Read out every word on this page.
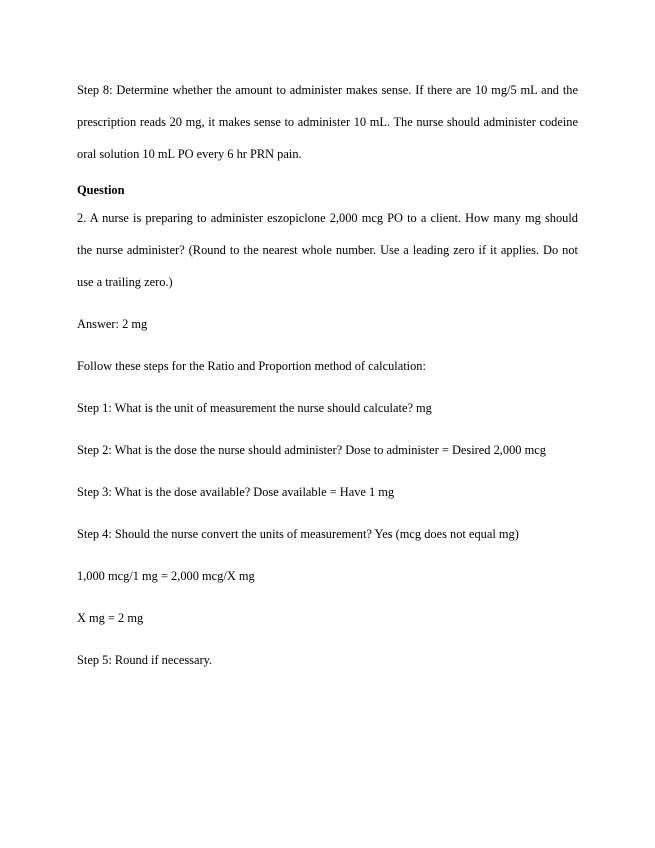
Step 8: Determine whether the amount to administer makes sense. If there are 10 mg/5 mL and the prescription reads 20 mg, it makes sense to administer 10 mL. The nurse should administer codeine oral solution 10 mL PO every 6 hr PRN pain.

Question

2. A nurse is preparing to administer eszopiclone 2,000 mcg PO to a client. How many mg should the nurse administer? (Round to the nearest whole number. Use a leading zero if it applies. Do not use a trailing zero.)

Answer: 2 mg

Follow these steps for the Ratio and Proportion method of calculation:

Step 1: What is the unit of measurement the nurse should calculate? mg

Step 2: What is the dose the nurse should administer? Dose to administer = Desired 2,000 mcg

Step 3: What is the dose available? Dose available = Have 1 mg

Step 4: Should the nurse convert the units of measurement? Yes (mcg does not equal mg)

1,000 mcg/1 mg = 2,000 mcg/X mg

X mg = 2 mg

Step 5: Round if necessary.
